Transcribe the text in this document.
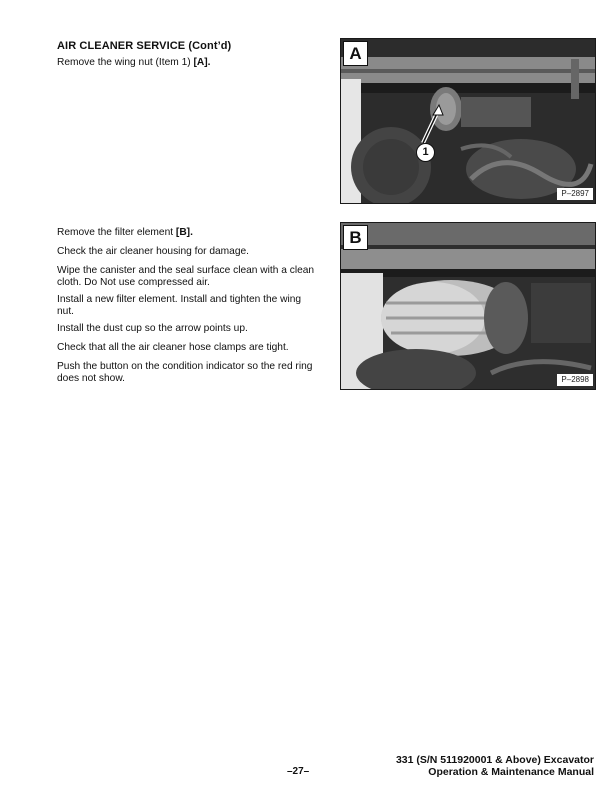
AIR CLEANER SERVICE (Cont’d)

Remove the wing nut (Item 1) [A].

Remove the filter element [B].

Check the air cleaner housing for damage.

Wipe the canister and the seal surface clean with a clean cloth. Do Not use compressed air.

Install a new filter element. Install and tighten the wing nut.

Install the dust cup so the arrow points up.

Check that all the air cleaner hose clamps are tight.

Push the button on the condition indicator so the red ring does not show.

A
1
P–2897
B
P–2898
–27–
331 (S/N 511920001 & Above) Excavator
Operation & Maintenance Manual
